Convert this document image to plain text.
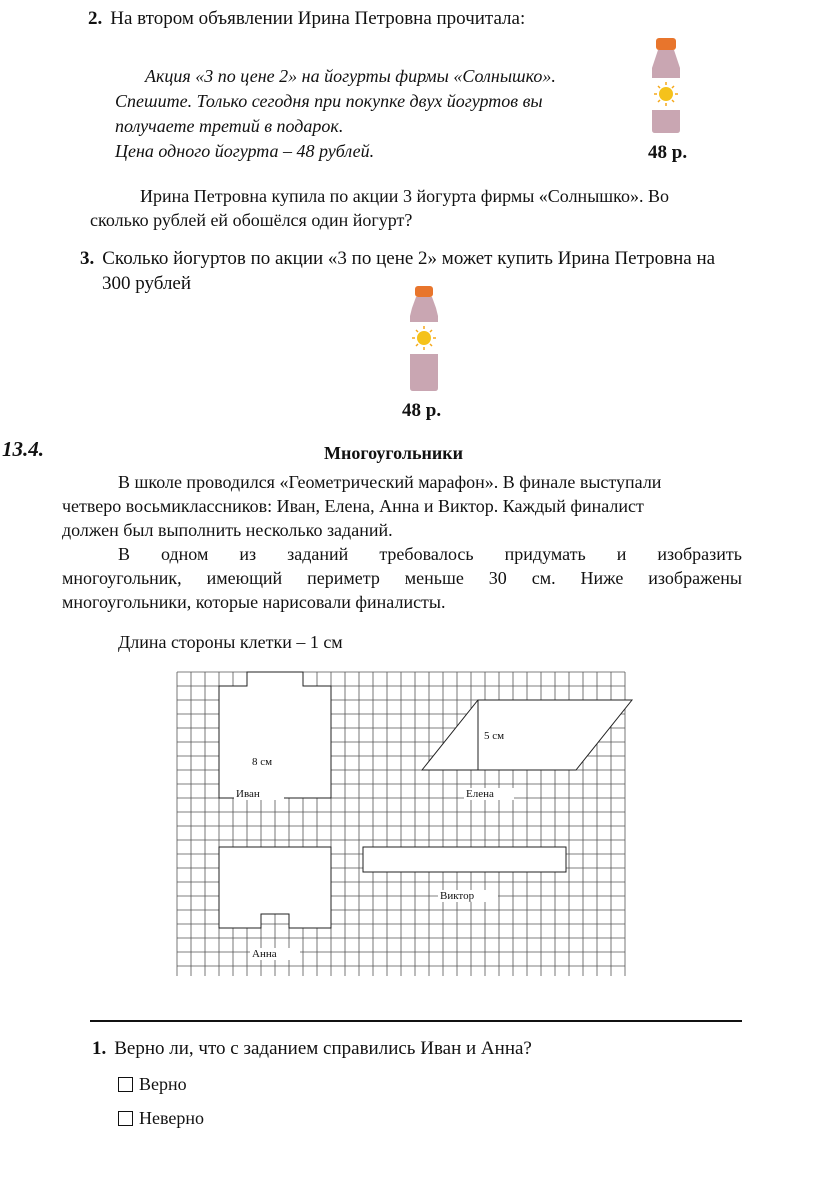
2. На втором объявлении Ирина Петровна прочитала:
Акция «3 по цене 2» на йогурты фирмы «Солнышко».
Спешите. Только сегодня при покупке двух йогуртов вы
получаете третий в подарок.
Цена одного йогурта – 48 рублей.	48 р.
Ирина Петровна купила по акции 3 йогурта фирмы «Солнышко». Во
сколько рублей ей обошёлся один йогурт?
3. Сколько йогуртов по акции «3 по цене 2» может купить Ирина Петровна на
300 рублей
48 р.
13.4.	Многоугольники
В школе проводился «Геометрический марафон». В финале выступали
четверо восьмиклассников: Иван, Елена, Анна и Виктор. Каждый финалист
должен был выполнить несколько заданий.
В одном из заданий требовалось придумать и изобразить
многоугольник, имеющий периметр меньше 30 см. Ниже изображены
многоугольники, которые нарисовали финалисты.
Длина стороны клетки – 1 см
8 см
Иван
5 см
Елена
Виктор
Анна
1. Верно ли, что с заданием справились Иван и Анна?
Верно
Неверно
